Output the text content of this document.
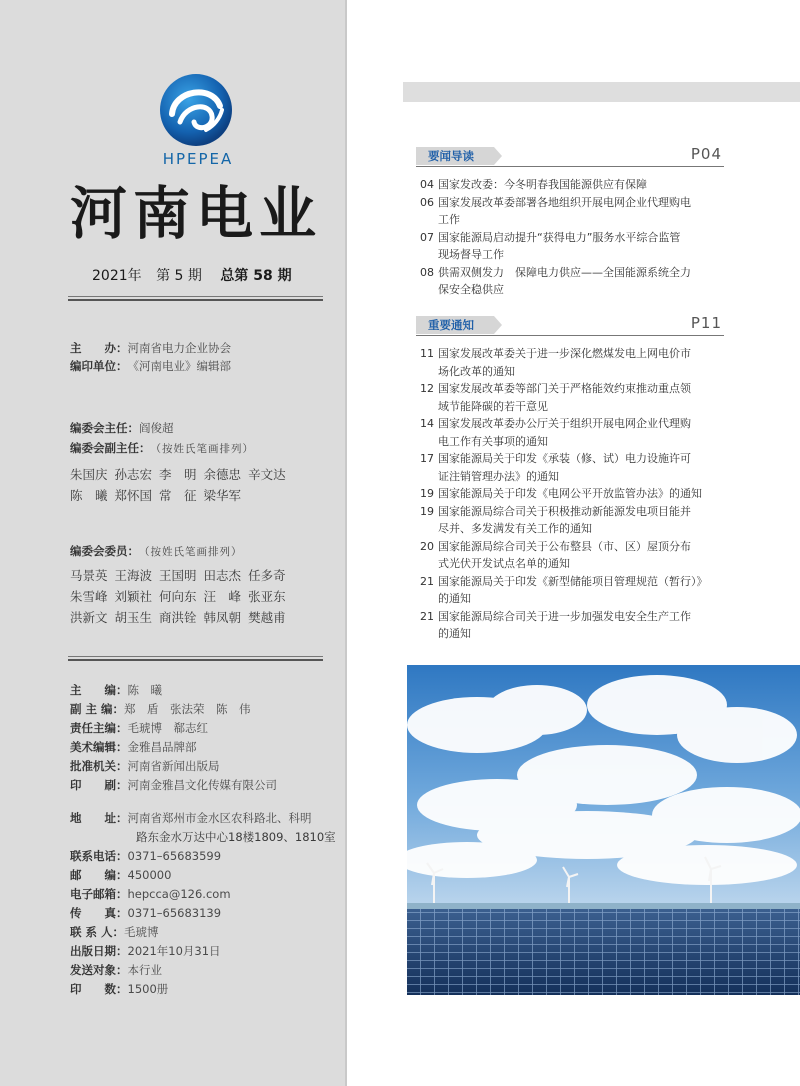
HPEPEA
河南电业
2021年 第 5 期 总第 58 期
主　　办：河南省电力企业协会
编印单位：《河南电业》编辑部
编委会主任：阎俊超
编委会副主任：（按姓氏笔画排列）
朱国庆 孙志宏 李　明 余德忠 辛文达
陈　曦 郑怀国 常　征 梁华军
编委会委员：（按姓氏笔画排列）
马景英 王海波 王国明 田志杰 任多奇
朱雪峰 刘颖社 何向东 汪　峰 张亚东
洪新文 胡玉生 商洪铨 韩凤朝 樊越甫
主　　编：陈　曦
副 主 编：郑　盾　张法荣　陈　伟
责任主编：毛琥博　郗志红
美术编辑：金雅昌品牌部
批准机关：河南省新闻出版局
印　　刷：河南金雅昌文化传媒有限公司
地　　址：河南省郑州市金水区农科路北、科明
路东金水万达中心18楼1809、1810室
联系电话：0371–65683599
邮　　编：450000
电子邮箱：hepcca@126.com
传　　真：0371–65683139
联 系 人：毛琥博
出版日期：2021年10月31日
发送对象：本行业
印　　数：1500册
要闻导读	P04
04 国家发改委：今冬明春我国能源供应有保障
06 国家发展改革委部署各地组织开展电网企业代理购电
工作
07 国家能源局启动提升“获得电力”服务水平综合监管
现场督导工作
08 供需双侧发力　保障电力供应——全国能源系统全力
保安全稳供应
重要通知	P11
11 国家发展改革委关于进一步深化燃煤发电上网电价市
场化改革的通知
12 国家发展改革委等部门关于严格能效约束推动重点领
域节能降碳的若干意见
14 国家发展改革委办公厅关于组织开展电网企业代理购
电工作有关事项的通知
17 国家能源局关于印发《承装（修、试）电力设施许可
证注销管理办法》的通知
19 国家能源局关于印发《电网公平开放监管办法》的通知
19 国家能源局综合司关于积极推动新能源发电项目能并
尽并、多发满发有关工作的通知
20 国家能源局综合司关于公布整县（市、区）屋顶分布
式光伏开发试点名单的通知
21 国家能源局关于印发《新型储能项目管理规范（暂行）》
的通知
21 国家能源局综合司关于进一步加强发电安全生产工作
的通知
